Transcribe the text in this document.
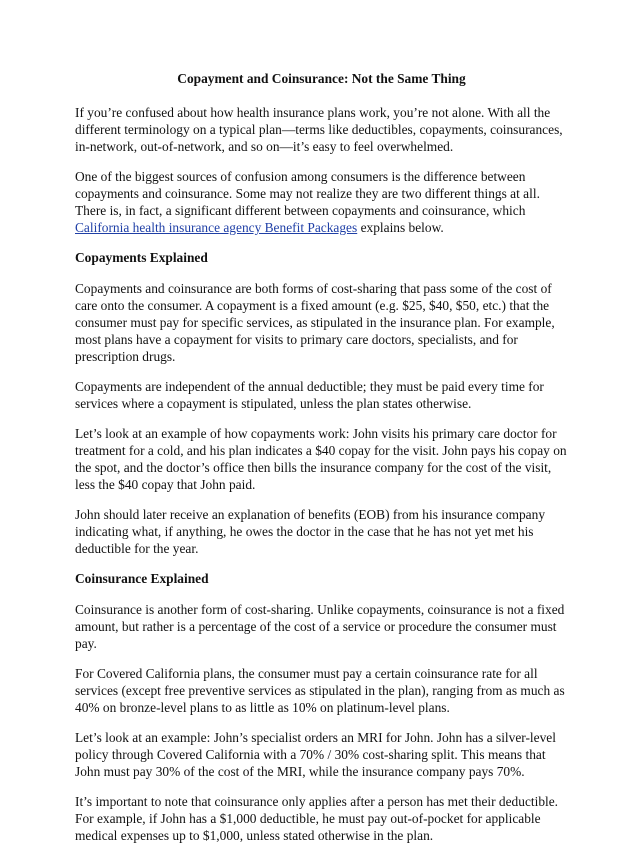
Copayment and Coinsurance: Not the Same Thing

If you’re confused about how health insurance plans work, you’re not alone. With all the different terminology on a typical plan—terms like deductibles, copayments, coinsurances, in-network, out-of-network, and so on—it’s easy to feel overwhelmed.

One of the biggest sources of confusion among consumers is the difference between copayments and coinsurance. Some may not realize they are two different things at all. There is, in fact, a significant different between copayments and coinsurance, which California health insurance agency Benefit Packages explains below.

Copayments Explained

Copayments and coinsurance are both forms of cost-sharing that pass some of the cost of care onto the consumer. A copayment is a fixed amount (e.g. $25, $40, $50, etc.) that the consumer must pay for specific services, as stipulated in the insurance plan. For example, most plans have a copayment for visits to primary care doctors, specialists, and for prescription drugs.

Copayments are independent of the annual deductible; they must be paid every time for services where a copayment is stipulated, unless the plan states otherwise.

Let’s look at an example of how copayments work: John visits his primary care doctor for treatment for a cold, and his plan indicates a $40 copay for the visit. John pays his copay on the spot, and the doctor’s office then bills the insurance company for the cost of the visit, less the $40 copay that John paid.

John should later receive an explanation of benefits (EOB) from his insurance company indicating what, if anything, he owes the doctor in the case that he has not yet met his deductible for the year.

Coinsurance Explained

Coinsurance is another form of cost-sharing. Unlike copayments, coinsurance is not a fixed amount, but rather is a percentage of the cost of a service or procedure the consumer must pay.

For Covered California plans, the consumer must pay a certain coinsurance rate for all services (except free preventive services as stipulated in the plan), ranging from as much as 40% on bronze-level plans to as little as 10% on platinum-level plans.

Let’s look at an example: John’s specialist orders an MRI for John. John has a silver-level policy through Covered California with a 70% / 30% cost-sharing split. This means that John must pay 30% of the cost of the MRI, while the insurance company pays 70%.

It’s important to note that coinsurance only applies after a person has met their deductible. For example, if John has a $1,000 deductible, he must pay out-of-pocket for applicable medical expenses up to $1,000, unless stated otherwise in the plan.
